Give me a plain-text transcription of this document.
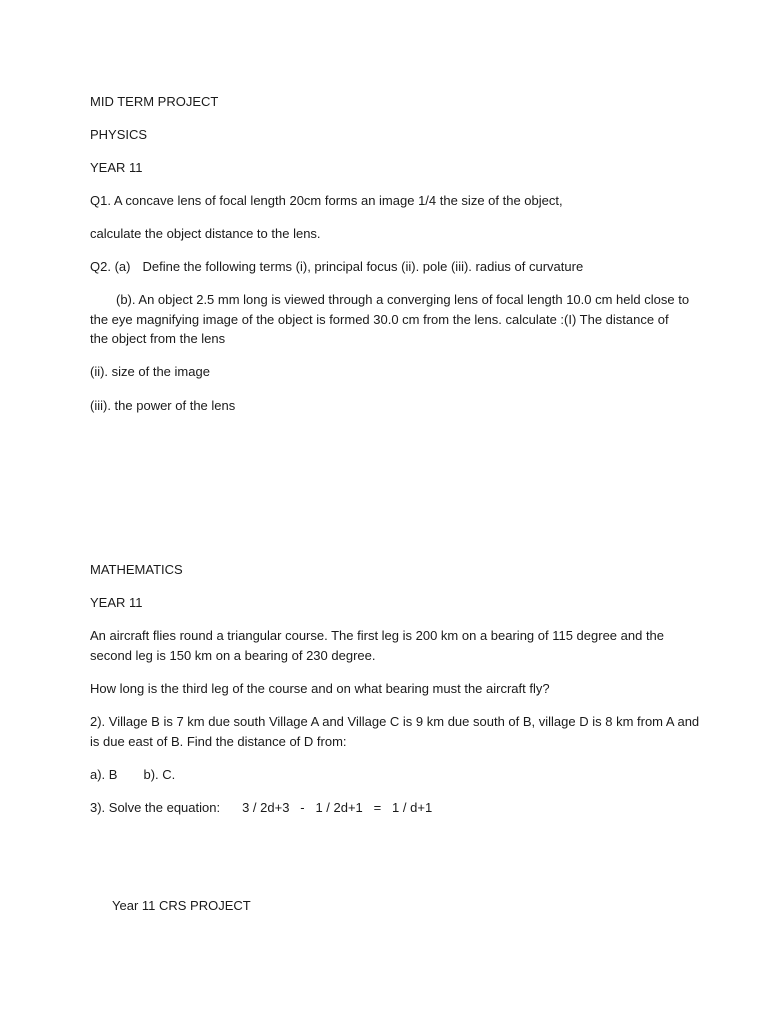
MID TERM PROJECT
PHYSICS
YEAR 11
Q1. A concave lens of focal length 20cm forms an image 1/4 the size of the object,
calculate the object distance to the lens.
Q2. (a) Define the following terms (i), principal focus (ii). pole (iii). radius of curvature
(b). An object 2.5 mm long is viewed through a converging lens of focal length 10.0 cm held close to
the eye magnifying image of the object is formed 30.0 cm from the lens. calculate :(I) The distance of
the object from the lens
(ii). size of the image
(iii). the power of the lens
MATHEMATICS
YEAR 11
An aircraft flies round a triangular course. The first leg is 200 km on a bearing of 115 degree and the
second leg is 150 km on a bearing of 230 degree.
How long is the third leg of the course and on what bearing must the aircraft fly?
2). Village B is 7 km due south Village A and Village C is 9 km due south of B, village D is 8 km from A and
is due east of B. Find the distance of D from:
a). B b). C.
3). Solve the equation: 3 / 2d+3   -   1 / 2d+1   =   1 / d+1
Year 11 CRS PROJECT
